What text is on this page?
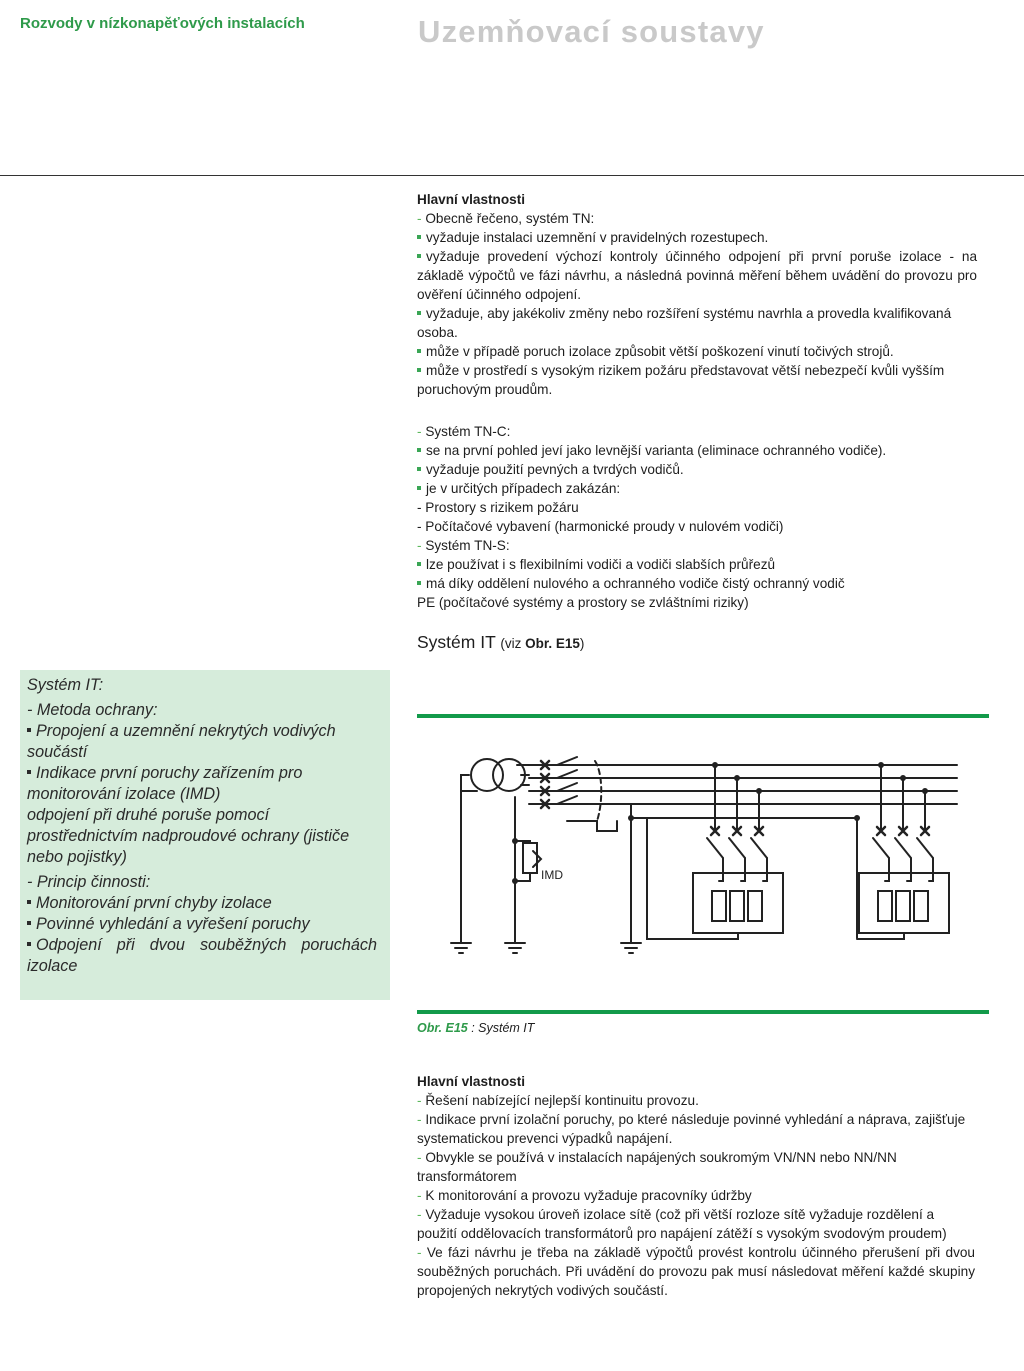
Rozvody v nízkonapěťových instalacích	Uzemňovací soustavy

Hlavní vlastnosti

- Obecně řečeno, systém TN:

vyžaduje instalaci uzemnění v pravidelných rozestupech.

vyžaduje provedení výchozí kontroly účinného odpojení při první poruše izolace - na základě výpočtů ve fázi návrhu, a následná povinná měření během uvádění do provozu pro ověření účinného odpojení.

vyžaduje, aby jakékoliv změny nebo rozšíření systému navrhla a provedla kvalifikovaná osoba.

může v případě poruch izolace způsobit větší poškození vinutí točivých strojů.

může v prostředí s vysokým rizikem požáru představovat větší nebezpečí kvůli vyšším poruchovým proudům.

- Systém TN-C:

se na první pohled jeví jako levnější varianta (eliminace ochranného vodiče).

vyžaduje použití pevných a tvrdých vodičů.

je v určitých případech zakázán:

- Prostory s rizikem požáru

- Počítačové vybavení (harmonické proudy v nulovém vodiči)

- Systém TN-S:

lze používat i s flexibilními vodiči a vodiči slabších průřezů

má díky oddělení nulového a ochranného vodiče čistý ochranný vodič

PE (počítačové systémy a prostory se zvláštními riziky)

Systém IT (viz Obr. E15)

Systém IT:

- Metoda ochrany:

Propojení a uzemnění nekrytých vodivých součástí

Indikace první poruchy zařízením pro monitorování izolace (IMD)

odpojení při druhé poruše pomocí prostřednictvím nadproudové ochrany (jističe nebo pojistky)

- Princip činnosti:

Monitorování první chyby izolace

Povinné vyhledání a vyřešení poruchy

Odpojení při dvou souběžných poruchách izolace

IMD
Obr. E15 : Systém IT

Hlavní vlastnosti

- Řešení nabízející nejlepší kontinuitu provozu.

- Indikace první izolační poruchy, po které následuje povinné vyhledání a náprava, zajišťuje systematickou prevenci výpadků napájení.

- Obvykle se používá v instalacích napájených soukromým VN/NN nebo NN/NN transformátorem

- K monitorování a provozu vyžaduje pracovníky údržby

- Vyžaduje vysokou úroveň izolace sítě (což při větší rozloze sítě vyžaduje rozdělení a použití oddělovacích transformátorů pro napájení zátěží s vysokým svodovým proudem)

- Ve fázi návrhu je třeba na základě výpočtů provést kontrolu účinného přerušení při dvou souběžných poruchách. Při uvádění do provozu pak musí následovat měření každé skupiny propojených nekrytých vodivých součástí.
